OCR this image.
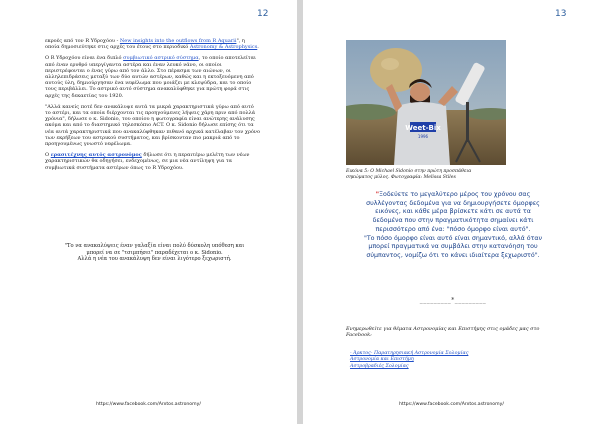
12

εκροές από τον R Υδροχόου - New insights into the outflows from R Aquarii", η οποία δημοσιεύτηκε στις αρχές του έτους στο περιοδικό Astronomy & Astrophysics.

Ο R Υδροχόου είναι ένα διπλό συμβιωτικό αστρικό σύστημα, το οποίο αποτελείται από έναν ερυθρό υπεργίγαντα αστέρα και έναν λευκό νάνο, οι οποίοι περιστρέφονται ο ένας γύρω από τον άλλο. Στο πέρασμα των αιώνων, οι αλληλεπιδράσεις μεταξύ των δύο αυτών αστέρων, καθώς και η εκτοξευόμενη από αυτούς ύλη, δημιούργησαν ένα νεφέλωμα που μοιάζει με κλεψύδρα, και το οποίο τους περιβάλλει. Το αστρικό αυτό σύστημα ανακαλύφθηκε για πρώτη φορά στις αρχές της δεκαετίας του 1920.

"Αλλά κανείς ποτέ δεν ανακάλυψε αυτά τα μικρά χαρακτηριστικά γύρω από αυτό το αστέρι, και τα οποία διέρχονται τις προηγούμενες λήψεις χάρη πριν από πολλά χρόνια", δήλωσε ο κ. Sidonio, του οποίου η φωτογραφία είναι ανώτερης ανάλυσης ακόμα και από το διαστημικό τηλεσκόπιο ACT. Ο κ. Sidonio δήλωσε επίσης ότι τα νέα αυτά χαρακτηριστικά που ανακαλύφθηκαν πιθανό αρχικά κατέλαβαν τον χρόνο των εκρήξεων του αστρικού συστήματος, και βρίσκονταν πιο μακριά από το προηγουμένως γνωστό νεφέλωμα.

Ο ερασιτέχνης αυτός αστρονόμος δήλωσε ότι η περαιτέρω μελέτη των νέων χαρακτηριστικών θα οδηγήσει, ενδεχομένως, σε μια νέα αντίληψη για τα συμβιωτικά συστήματα αστέρων όπως το R Υδροχόου.

"Το να ανακαλύψεις έναν γαλαξία είναι πολύ δύσκολη υπόθεση και
μπορεί να σε "τσιμπήσει" παραδέχεται ο κ. Sidonio.
Αλλά η νέα του ανακάλυψη δεν είναι λιγότερο ξεχωριστή.
https://www.facebook.com/Arxtos.astronomy/
13
Weet-Bix
1996
Εικόνα 5: Ο Michael Sidonio στην πρώτη προσπάθεια σηκώματος μύλος. Φωτογραφία: Melissa Stiles
"Ξοδεύετε το μεγαλύτερο μέρος του χρόνου σας
συλλέγοντας δεδομένα για να δημιουργήσετε όμορφες
εικόνες, και κάθε μέρα βρίσκετε κάτι σε αυτά τα
δεδομένα που στην πραγματικότητα σημαίνει κάτι
περισσότερο από ένα: "πόσο όμορφο είναι αυτό".
"Το πόσο όμορφο είναι αυτό είναι σημαντικό, αλλά όταν
μπορεί πραγματικά να συμβάλει στην κατανόηση του
σύμπαντος, νομίζω ότι το κάνει ιδιαίτερα ξεχωριστό".
_________*_________
Ενημερωθείτε για θέματα Αστρονομίας και Επιστήμης στις ομάδες μας στο Facebook:
- Άρκτος- Παρατηρησιακή Αστρονομία Σολομίας
Αστρονομία και Επιστήμη
Αστροβραδιές Σολομίας
https://www.facebook.com/Arxtos.astronomy/
